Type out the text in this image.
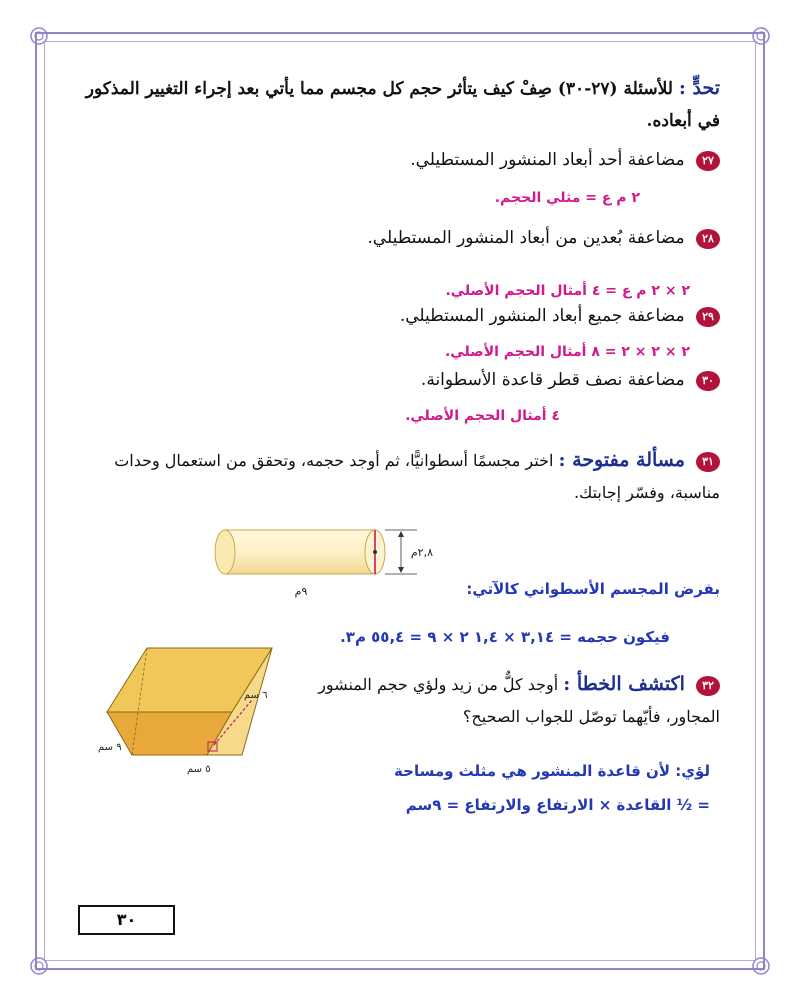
تحدٍّ : للأسئلة (٢٧-٣٠) صِفْ كيف يتأثر حجم كل مجسم مما يأتي بعد إجراء التغيير المذكور في أبعاده.
٢٧ مضاعفة أحد أبعاد المنشور المستطيلي.
٢ م ع = مثلي الحجم.
٢٨ مضاعفة بُعدين من أبعاد المنشور المستطيلي.
٢ × ٢ م ع = ٤ أمثال الحجم الأصلي.
٢٩ مضاعفة جميع أبعاد المنشور المستطيلي.
٢ × ٢ × ٢ = ٨ أمثال الحجم الأصلي.
٣٠ مضاعفة نصف قطر قاعدة الأسطوانة.
٤ أمثال الحجم الأصلي.
٣١ مسألة مفتوحة : اختر مجسمًا أسطوانيًّا، ثم أوجد حجمه، وتحقق من استعمال وحدات مناسبة، وفسّر إجابتك.
٢,٨م
٩م	بفرض المجسم الأسطواني كالآتي:
فيكون حجمه = ٣,١٤ × ١,٤ ٢ × ٩ = ٥٥,٤ م٣.
٦ سم
٩ سم
٥ سم
٣٢ اكتشف الخطأ : أوجد كلٌّ من زيد ولؤي حجم المنشور المجاور، فأيّهما توصّل للجواب الصحيح؟
لؤي: لأن قاعدة المنشور هي مثلث ومساحة
= ½ القاعدة × الارتفاع والارتفاع = ٩سم
٣٠
